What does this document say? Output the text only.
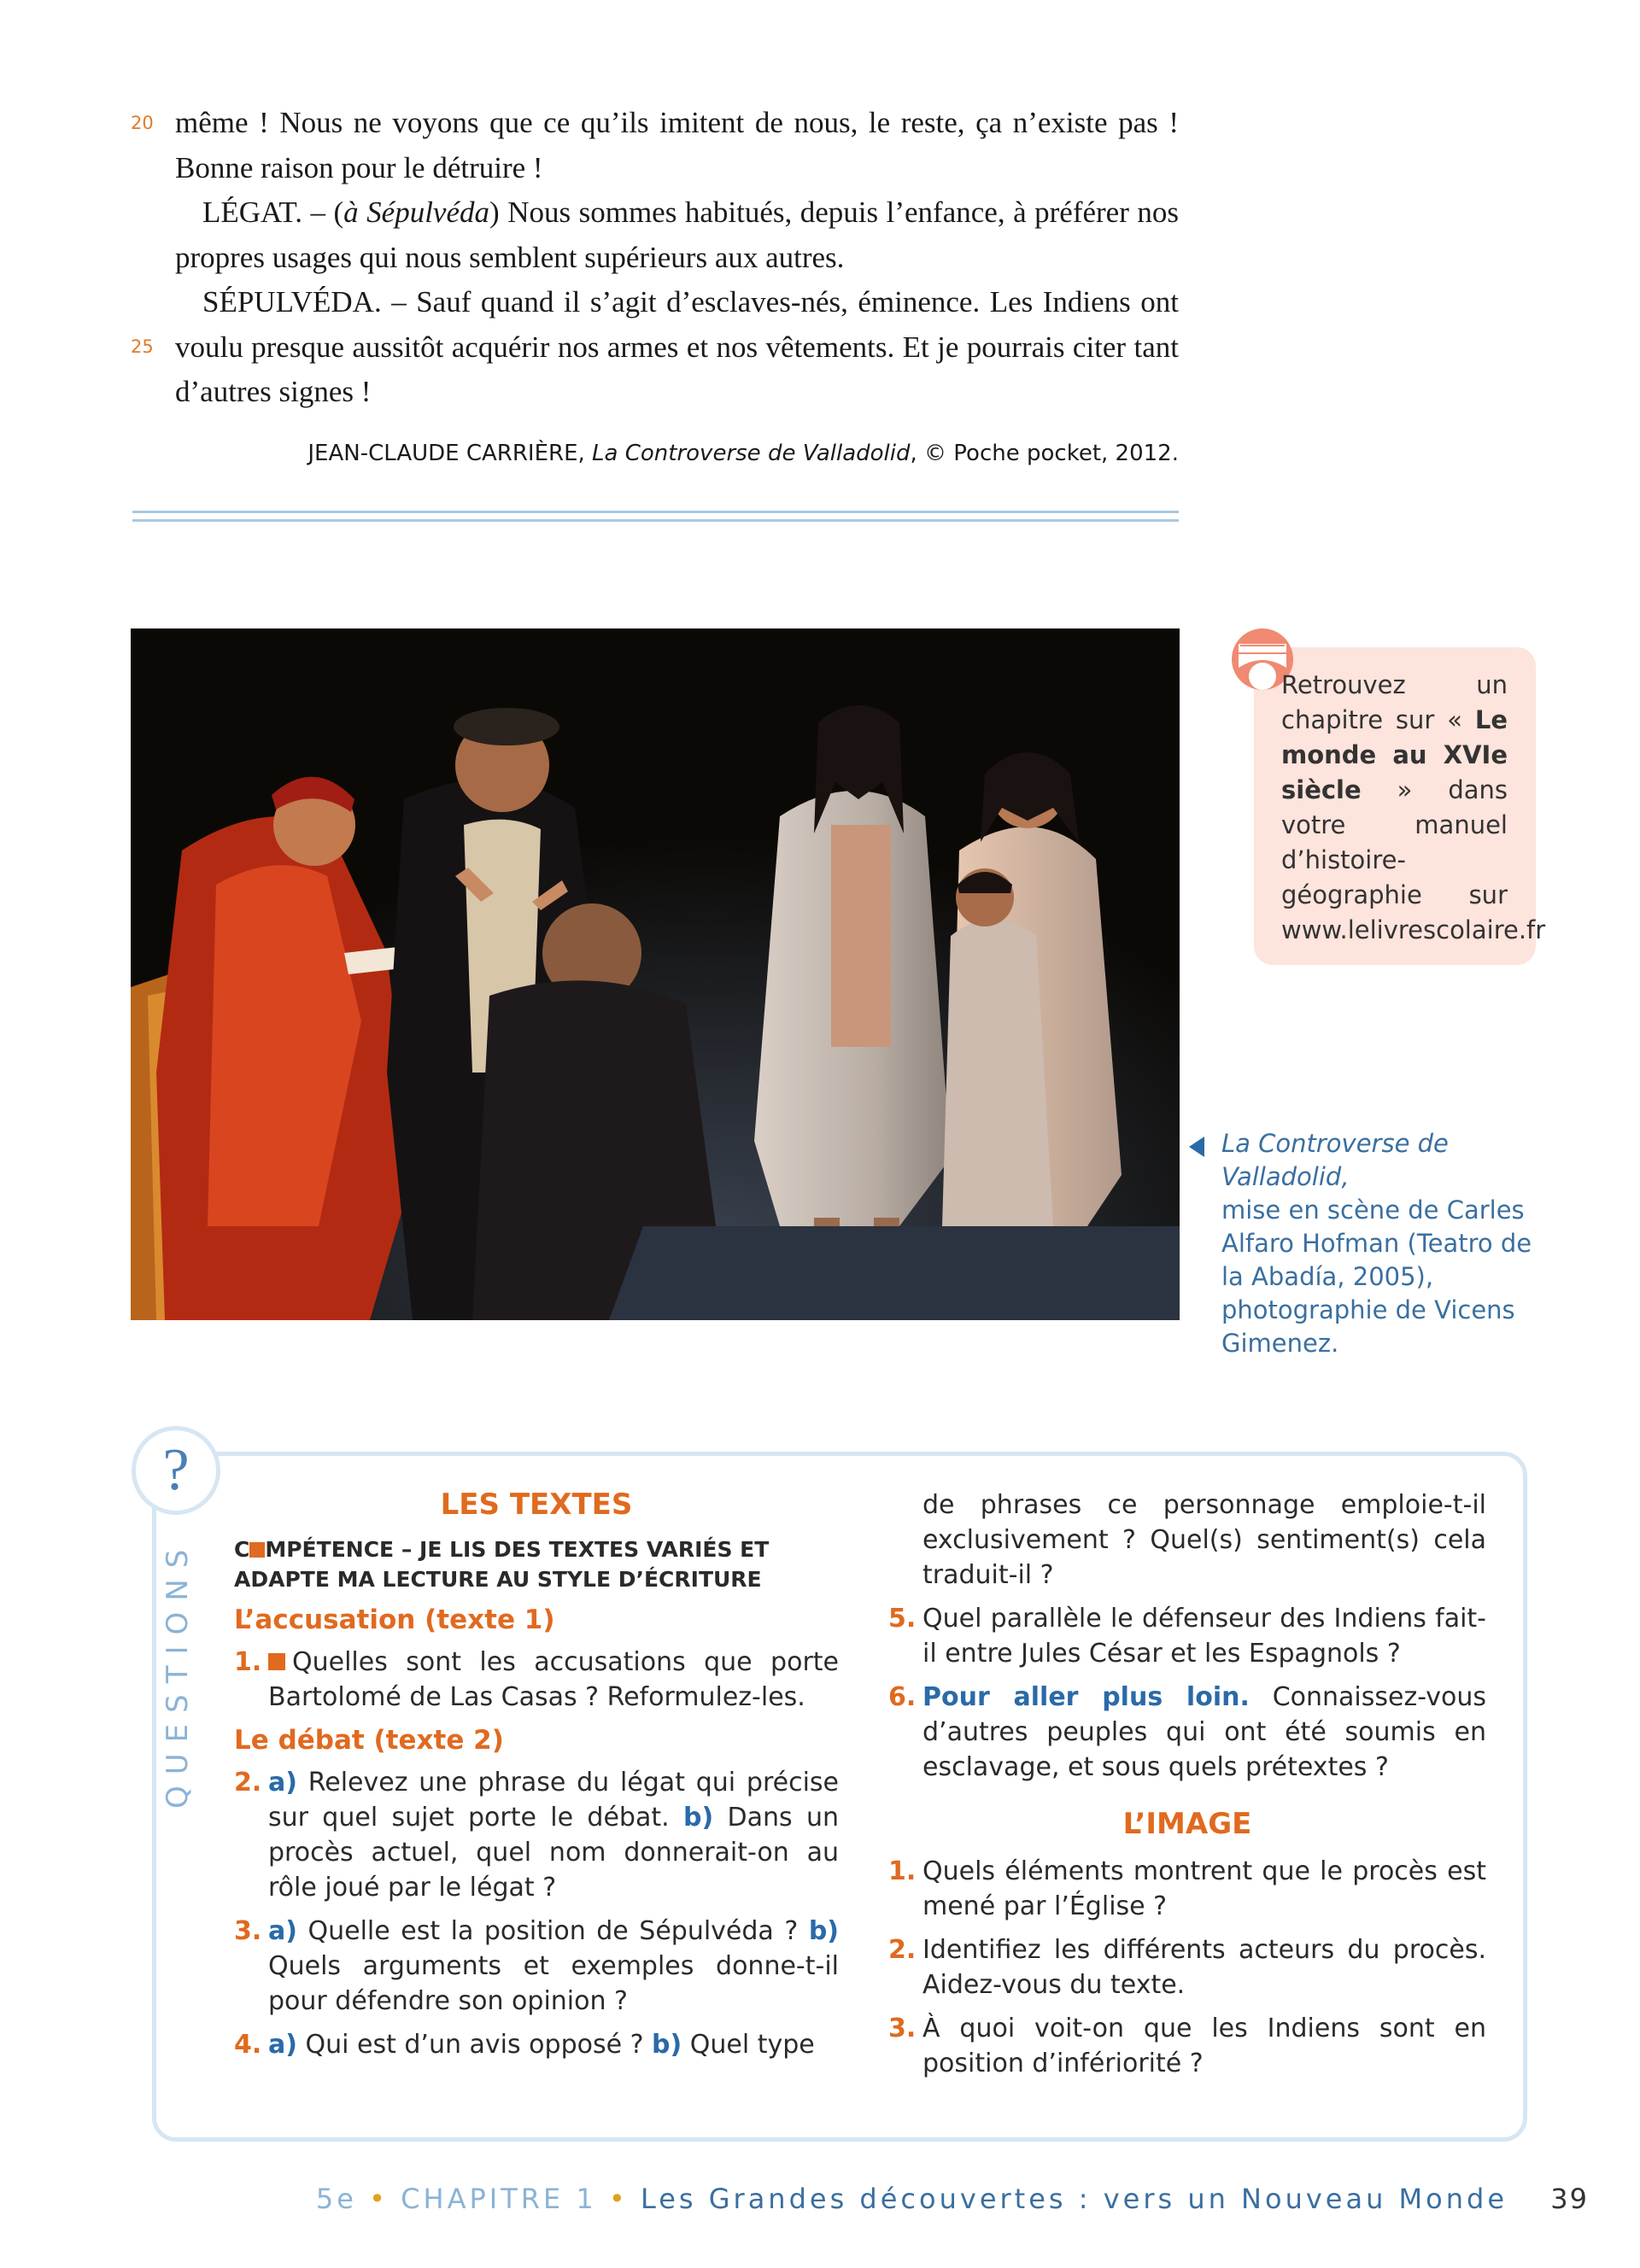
20
25

même ! Nous ne voyons que ce qu’ils imitent de nous, le reste, ça n’existe pas ! Bonne raison pour le détruire !

LÉGAT. – (à Sépulvéda) Nous sommes habitués, depuis l’enfance, à préférer nos propres usages qui nous semblent supérieurs aux autres.

SÉPULVÉDA. – Sauf quand il s’agit d’esclaves-nés, éminence. Les Indiens ont voulu presque aussitôt acquérir nos armes et nos vêtements. Et je pourrais citer tant d’autres signes !

JEAN-CLAUDE CARRIÈRE, La Controverse de Valladolid, © Poche pocket, 2012.
Retrouvez un chapitre sur « Le monde au XVIe siècle » dans votre manuel d’histoire-géographie sur www.lelivrescolaire.fr
La Controverse de Valladolid,
mise en scène de Carles Alfaro Hofman (Teatro de la Abadía, 2005), photographie de Vicens Gimenez.
?
QUESTIONS
LES TEXTES
C MPÉTENCE – JE LIS DES TEXTES VARIÉS ET ADAPTE MA LECTURE AU STYLE D’ÉCRITURE
L’accusation (texte 1)
1. Quelles sont les accusations que porte Bartolomé de Las Casas ? Reformulez-les.
Le débat (texte 2)
2. a) Relevez une phrase du légat qui précise sur quel sujet porte le débat. b) Dans un procès actuel, quel nom donnerait-on au rôle joué par le légat ?
3. a) Quelle est la position de Sépulvéda ? b) Quels arguments et exemples donne-t-il pour défendre son opinion ?
4. a) Qui est d’un avis opposé ? b) Quel type
de phrases ce personnage emploie-t-il exclusivement ? Quel(s) sentiment(s) cela traduit-il ?
5. Quel parallèle le défenseur des Indiens fait-il entre Jules César et les Espagnols ?
6. Pour aller plus loin. Connaissez-vous d’autres peuples qui ont été soumis en esclavage, et sous quels prétextes ?
L’IMAGE
1. Quels éléments montrent que le procès est mené par l’Église ?
2. Identifiez les différents acteurs du procès. Aidez-vous du texte.
3. À quoi voit-on que les Indiens sont en position d’infériorité ?
5e • CHAPITRE 1 • Les Grandes découvertes : vers un Nouveau Monde 39
